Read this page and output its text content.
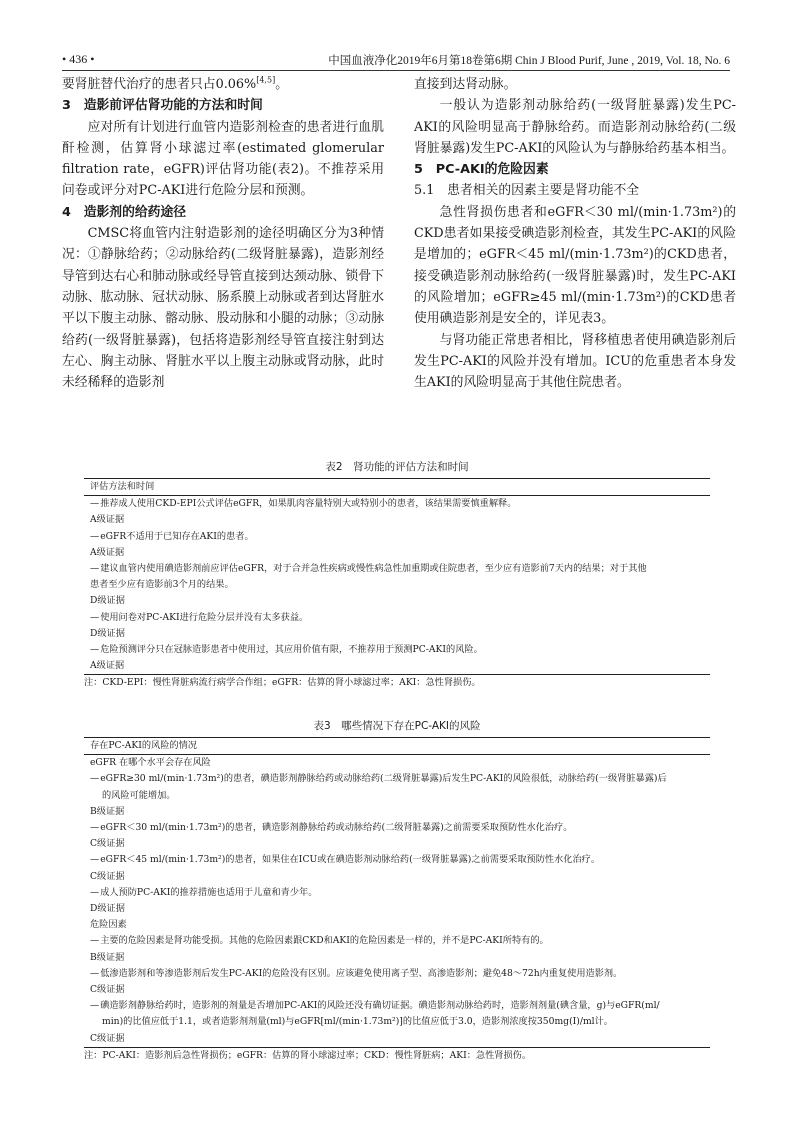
• 436 •	中国血液净化2019年6月第18卷第6期 Chin J Blood Purif, June , 2019, Vol. 18, No. 6

要肾脏替代治疗的患者只占0.06%[4,5]。

3　造影前评估肾功能的方法和时间

应对所有计划进行血管内造影剂检查的患者进行血肌酐检测，估算肾小球滤过率(estimated glomerular filtration rate，eGFR)评估肾功能(表2)。不推荐采用问卷或评分对PC-AKI进行危险分层和预测。

4　造影剂的给药途径

CMSC将血管内注射造影剂的途径明确区分为3种情况：①静脉给药；②动脉给药(二级肾脏暴露)，造影剂经导管到达右心和肺动脉或经导管直接到达颈动脉、锁骨下动脉、肱动脉、冠状动脉、肠系膜上动脉或者到达肾脏水平以下腹主动脉、髂动脉、股动脉和小腿的动脉；③动脉给药(一级肾脏暴露)，包括将造影剂经导管直接注射到达左心、胸主动脉、肾脏水平以上腹主动脉或肾动脉，此时未经稀释的造影剂

直接到达肾动脉。

一般认为造影剂动脉给药(一级肾脏暴露)发生PC-AKI的风险明显高于静脉给药。而造影剂动脉给药(二级肾脏暴露)发生PC-AKI的风险认为与静脉给药基本相当。

5　PC-AKI的危险因素
5.1　患者相关的因素主要是肾功能不全

急性肾损伤患者和eGFR＜30 ml/(min·1.73m²)的CKD患者如果接受碘造影剂检查，其发生PC-AKI的风险是增加的；eGFR＜45 ml/(min·1.73m²)的CKD患者，接受碘造影剂动脉给药(一级肾脏暴露)时，发生PC-AKI的风险增加；eGFR≥45 ml/(min·1.73m²)的CKD患者使用碘造影剂是安全的，详见表3。

与肾功能正常患者相比，肾移植患者使用碘造影剂后发生PC-AKI的风险并没有增加。ICU的危重患者本身发生AKI的风险明显高于其他住院患者。

表2　肾功能的评估方法和时间
评估方法和时间
— 推荐成人使用CKD-EPI公式评估eGFR，如果肌肉容量特别大或特别小的患者，该结果需要慎重解释。
A级证据
— eGFR不适用于已知存在AKI的患者。
A级证据
— 建议血管内使用碘造影剂前应评估eGFR，对于合并急性疾病或慢性病急性加重期或住院患者，至少应有造影前7天内的结果；对于其他
患者至少应有造影前3个月的结果。
D级证据
— 使用问卷对PC-AKI进行危险分层并没有太多获益。
D级证据
— 危险预测评分只在冠脉造影患者中使用过，其应用价值有限，不推荐用于预测PC-AKI的风险。
A级证据
注：CKD-EPI：慢性肾脏病流行病学合作组；eGFR：估算的肾小球滤过率；AKI：急性肾损伤。
表3　哪些情况下存在PC-AKI的风险
存在PC-AKI的风险的情况
eGFR 在哪个水平会存在风险
— eGFR≥30 ml/(min·1.73m²)的患者，碘造影剂静脉给药或动脉给药(二级肾脏暴露)后发生PC-AKI的风险很低，动脉给药(一级肾脏暴露)后
的风险可能增加。
B级证据
— eGFR＜30 ml/(min·1.73m²)的患者，碘造影剂静脉给药或动脉给药(二级肾脏暴露)之前需要采取预防性水化治疗。
C级证据
— eGFR＜45 ml/(min·1.73m²)的患者，如果住在ICU或在碘造影剂动脉给药(一级肾脏暴露)之前需要采取预防性水化治疗。
C级证据
— 成人预防PC-AKI的推荐措施也适用于儿童和青少年。
D级证据
危险因素
— 主要的危险因素是肾功能受损。其他的危险因素跟CKD和AKI的危险因素是一样的，并不是PC-AKI所特有的。
B级证据
— 低渗造影剂和等渗造影剂后发生PC-AKI的危险没有区别。应该避免使用离子型、高渗造影剂；避免48～72h内重复使用造影剂。
C级证据
— 碘造影剂静脉给药时，造影剂的剂量是否增加PC-AKI的风险还没有确切证据。碘造影剂动脉给药时，造影剂剂量(碘含量，g)与eGFR(ml/
min)的比值应低于1.1，或者造影剂剂量(ml)与eGFR[ml/(min·1.73m²)]的比值应低于3.0，造影剂浓度按350mg(I)/ml计。
C级证据
注：PC-AKI：造影剂后急性肾损伤；eGFR：估算的肾小球滤过率；CKD：慢性肾脏病；AKI：急性肾损伤。
